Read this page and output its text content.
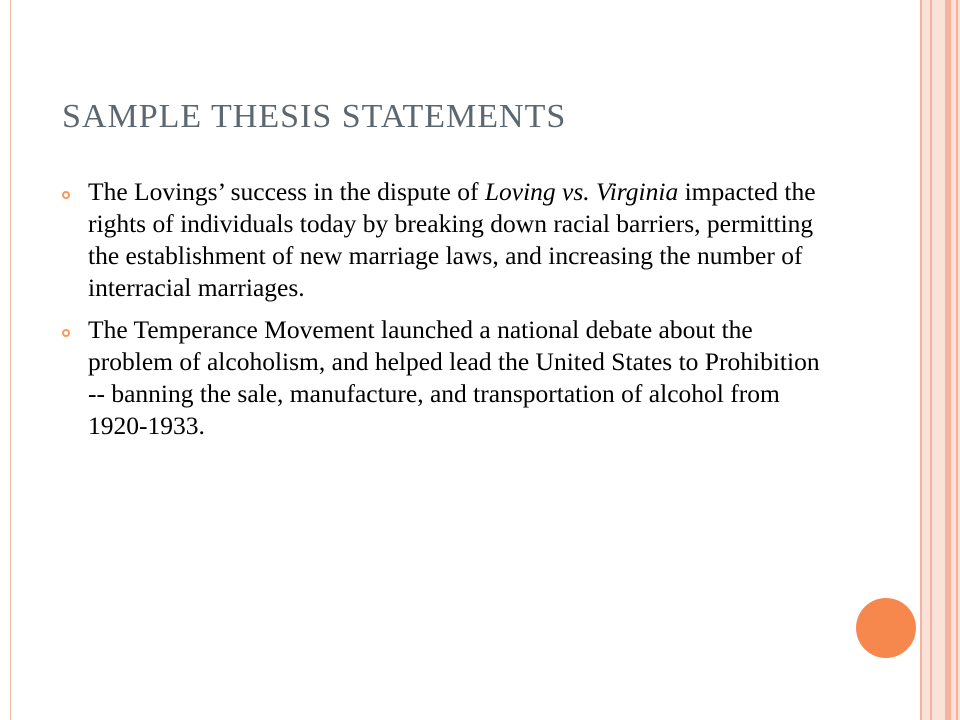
SAMPLE THESIS STATEMENTS
The Lovings’ success in the dispute of Loving vs. Virginia impacted the rights of individuals today by breaking down racial barriers, permitting the establishment of new marriage laws, and increasing the number of interracial marriages.
The Temperance Movement launched a national debate about the problem of alcoholism, and helped lead the United States to Prohibition -- banning the sale, manufacture, and transportation of alcohol from 1920-1933.
